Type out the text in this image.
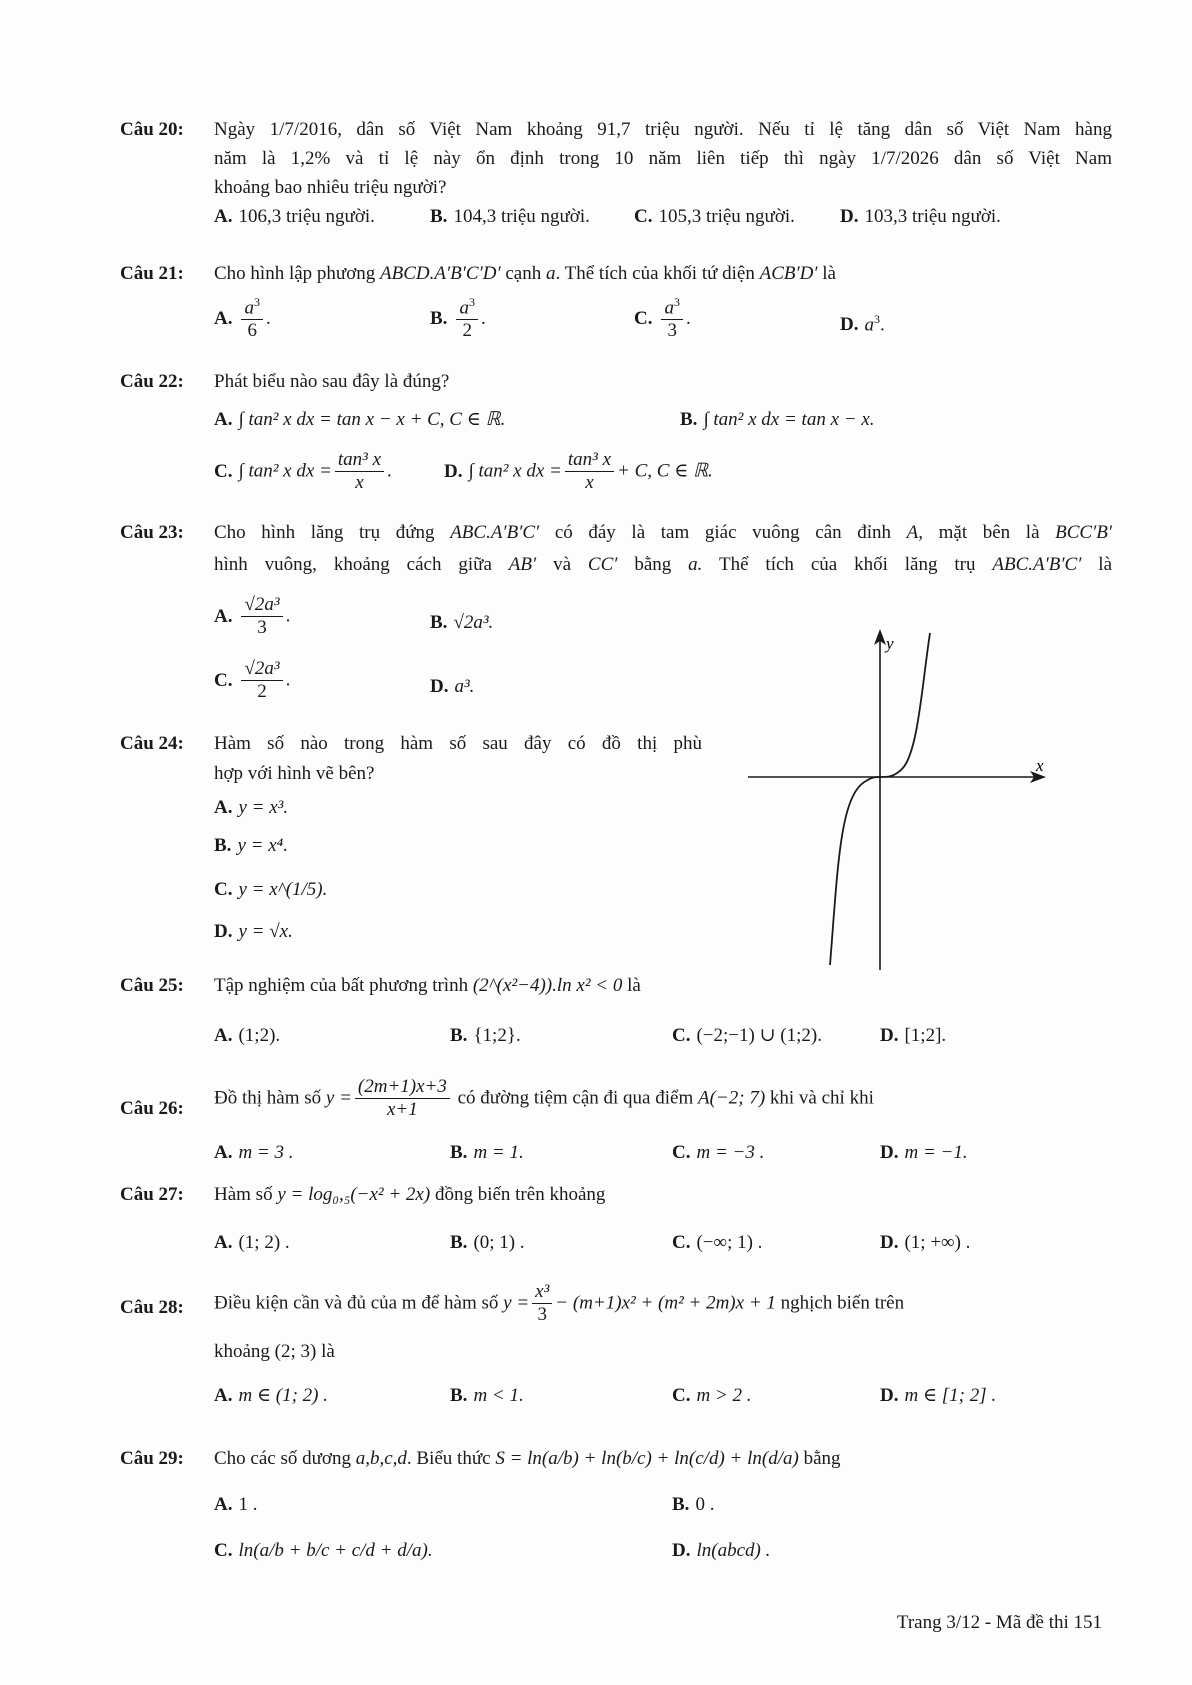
Câu 20: Ngày 1/7/2016, dân số Việt Nam khoảng 91,7 triệu người. Nếu tỉ lệ tăng dân số Việt Nam hàng
năm là 1,2% và tỉ lệ này ổn định trong 10 năm liên tiếp thì ngày 1/7/2026 dân số Việt Nam
khoảng bao nhiêu triệu người?
A. 106,3 triệu người.	B. 104,3 triệu người. C. 105,3 triệu người. D. 103,3 triệu người.
Câu 21: Cho hình lập phương ABCD.A′B′C′D′ cạnh a. Thể tích của khối tứ diện ACB′D′ là
A. $\frac{a^3}{6}$ .	B. $\frac{a^3}{2}$ .	C. $\frac{a^3}{3}$ .	D. $a^3$.
Câu 22: Phát biểu nào sau đây là đúng?
A. ∫ tan² x dx = tan x − x + C, C ∈ ℝ.	B. ∫ tan² x dx = tan x − x.
C. ∫ tan² x dx = $\frac{\text{tan³ x}}{x}$ .	D. ∫ tan² x dx = $\frac{\text{tan³ x}}{x} + C$, C ∈ ℝ.
Câu 23: Cho hình lăng trụ đứng ABC.A′B′C′ có đáy là tam giác vuông cân đỉnh A, mặt bên là BCC′B′
hình vuông, khoảng cách giữa AB′ và CC′ bằng a. Thể tích của khối lăng trụ ABC.A′B′C′ là
A. $\frac{\text{√2a³}}{3}$ .	B. √2a³.
C. $\frac{\text{√2a³}}{2}$ .	D. a³.
Câu 24: Hàm số nào trong hàm số sau đây có đồ thị phù
hợp với hình vẽ bên?
A. y = x³.
B. y = x⁴.
C. y = x^(1/5).
D. y = √x.
x
y
Câu 25: Tập nghiệm của bất phương trình (2^(x²−4)).ln x² < 0 là
A. (1;2).	B. {1;2}.	C. (−2;−1) ∪ (1;2).	D. [1;2].
Câu 26: Đồ thị hàm số $y = \frac{(2m+1)x+3}{x+1}$ có đường tiệm cận đi qua điểm A(−2; 7) khi và chỉ khi
A. m = 3 .	B. m = 1.	C. m = −3 .	D. m = −1.
Câu 27: Hàm số y = log₀,₅(−x² + 2x) đồng biến trên khoảng
A. (1; 2) .	B. (0; 1) .	C. (−∞; 1) .	D. (1; +∞) .
Câu 28: Điều kiện cần và đủ của m để hàm số $y = \frac{\text{x³}}{3} - (m+1)x^2 + (m^2 + 2m)x + 1$ nghịch biến trên
khoảng (2; 3) là
A. m ∈ (1; 2) .	B. m < 1.	C. m > 2 .	D. m ∈ [1; 2] .
Câu 29: Cho các số dương a,b,c,d. Biểu thức S = ln(a/b) + ln(b/c) + ln(c/d) + ln(d/a) bằng
A. 1 .	B. 0 .
C. ln(a/b + b/c + c/d + d/a).	D. ln(abcd) .
Trang 3/12 - Mã đề thi 151
